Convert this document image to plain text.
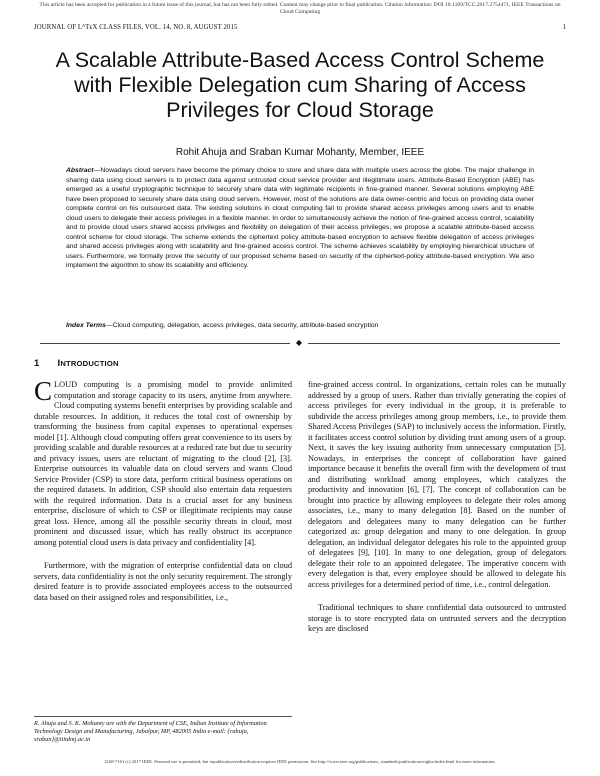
This article has been accepted for publication in a future issue of this journal, but has not been fully edited. Content may change prior to final publication. Citation information: DOI 10.1109/TCC.2017.2754471, IEEE Transactions on Cloud Computing
JOURNAL OF LᴬTᴇX CLASS FILES, VOL. 14, NO. 8, AUGUST 2015	1
A Scalable Attribute-Based Access Control Scheme with Flexible Delegation cum Sharing of Access Privileges for Cloud Storage
Rohit Ahuja and Sraban Kumar Mohanty, Member, IEEE
Abstract—Nowadays cloud servers have become the primary choice to store and share data with multiple users across the globe. The major challenge in sharing data using cloud servers is to protect data against untrusted cloud service provider and illegitimate users. Attribute-Based Encryption (ABE) has emerged as a useful cryptographic technique to securely share data with legitimate recipients in fine-grained manner. Several solutions employing ABE have been proposed to securely share data using cloud servers. However, most of the solutions are data owner-centric and focus on providing data owner complete control on his outsourced data. The existing solutions in cloud computing fail to provide shared access privileges among users and to enable cloud users to delegate their access privileges in a flexible manner. In order to simultaneously achieve the notion of fine-grained access control, scalability and to provide cloud users shared access privileges and flexibility on delegation of their access privileges, we propose a scalable attribute-based access control scheme for cloud storage. The scheme extends the ciphertext policy attribute-based encryption to achieve flexible delegation of access privileges and shared access privileges along with scalability and fine-grained access control. The scheme achieves scalability by employing hierarchical structure of users. Furthermore, we formally prove the security of our proposed scheme based on security of the ciphertext-policy attribute-based encryption. We also implement the algorithm to show its scalability and efficiency.
Index Terms—Cloud computing, delegation, access privileges, data security, attribute-based encryption
◆
1 INTRODUCTION

CLOUD computing is a promising model to provide unlimited computation and storage capacity to its users, anytime from anywhere. Cloud computing systems benefit enterprises by providing scalable and durable resources. In addition, it reduces the total cost of ownership by transforming the business from capital expenses to operational expenses model [1]. Although cloud computing offers great convenience to its users by providing scalable and durable resources at a reduced rate but due to security and privacy issues, users are reluctant of migrating to the cloud [2], [3]. Enterprise outsources its valuable data on cloud servers and wants Cloud Service Provider (CSP) to store data, perform critical business operations on the required datasets. In addition, CSP should also entertain data requesters with the required information. Data is a crucial asset for any business enterprise, disclosure of which to CSP or illegitimate recipients may cause great loss. Hence, among all the possible security threats in cloud, most prominent and discussed issue, which has really obstruct its acceptance among potential cloud users is data privacy and confidentiality [4].

Furthermore, with the migration of enterprise confidential data on cloud servers, data confidentiality is not the only security requirement. The strongly desired feature is to provide associated employees access to the outsourced data based on their assigned roles and responsibilities, i.e.,

fine-grained access control. In organizations, certain roles can be mutually addressed by a group of users. Rather than trivially generating the copies of access privileges for every individual in the group, it is preferable to subdivide the access privileges among group members, i.e., to provide them Shared Access Privileges (SAP) to inclusively access the information. Firstly, it facilitates access control solution by dividing trust among users of a group. Next, it saves the key issuing authority from unnecessary computation [5]. Nowadays, in enterprises the concept of collaboration have gained importance because it benefits the overall firm with the development of trust and distributing workload among employees, which catalyzes the productivity and innovation [6], [7]. The concept of collaboration can be brought into practice by allowing employees to delegate their roles among associates, i.e., many to many delegation [8]. Based on the number of delegators and delegatees many to many delegation can be further categorized as: group delegation and many to one delegation. In group delegation, an individual delegator delegates his role to the appointed group of delegatees [9], [10]. In many to one delegation, group of delegators delegate their role to an appointed delegatee. The imperative concern with every delegation is that, every employee should be allowed to delegate his access privileges for a determined period of time, i.e., control delegation.

Traditional techniques to share confidential data outsourced to untrusted storage is to store encrypted data on untrusted servers and the decryption keys are disclosed

R. Ahuja and S. K. Mohanty are with the Department of CSE, Indian Institute of Information Technology Design and Manufacturing, Jabalpur, MP, 482005 India e-mail: {rahuja, sraban}@iiitdmj.ac.in
2168-7161 (c) 2017 IEEE. Personal use is permitted, but republication/redistribution requires IEEE permission. See http://www.ieee.org/publications_standards/publications/rights/index.html for more information.
